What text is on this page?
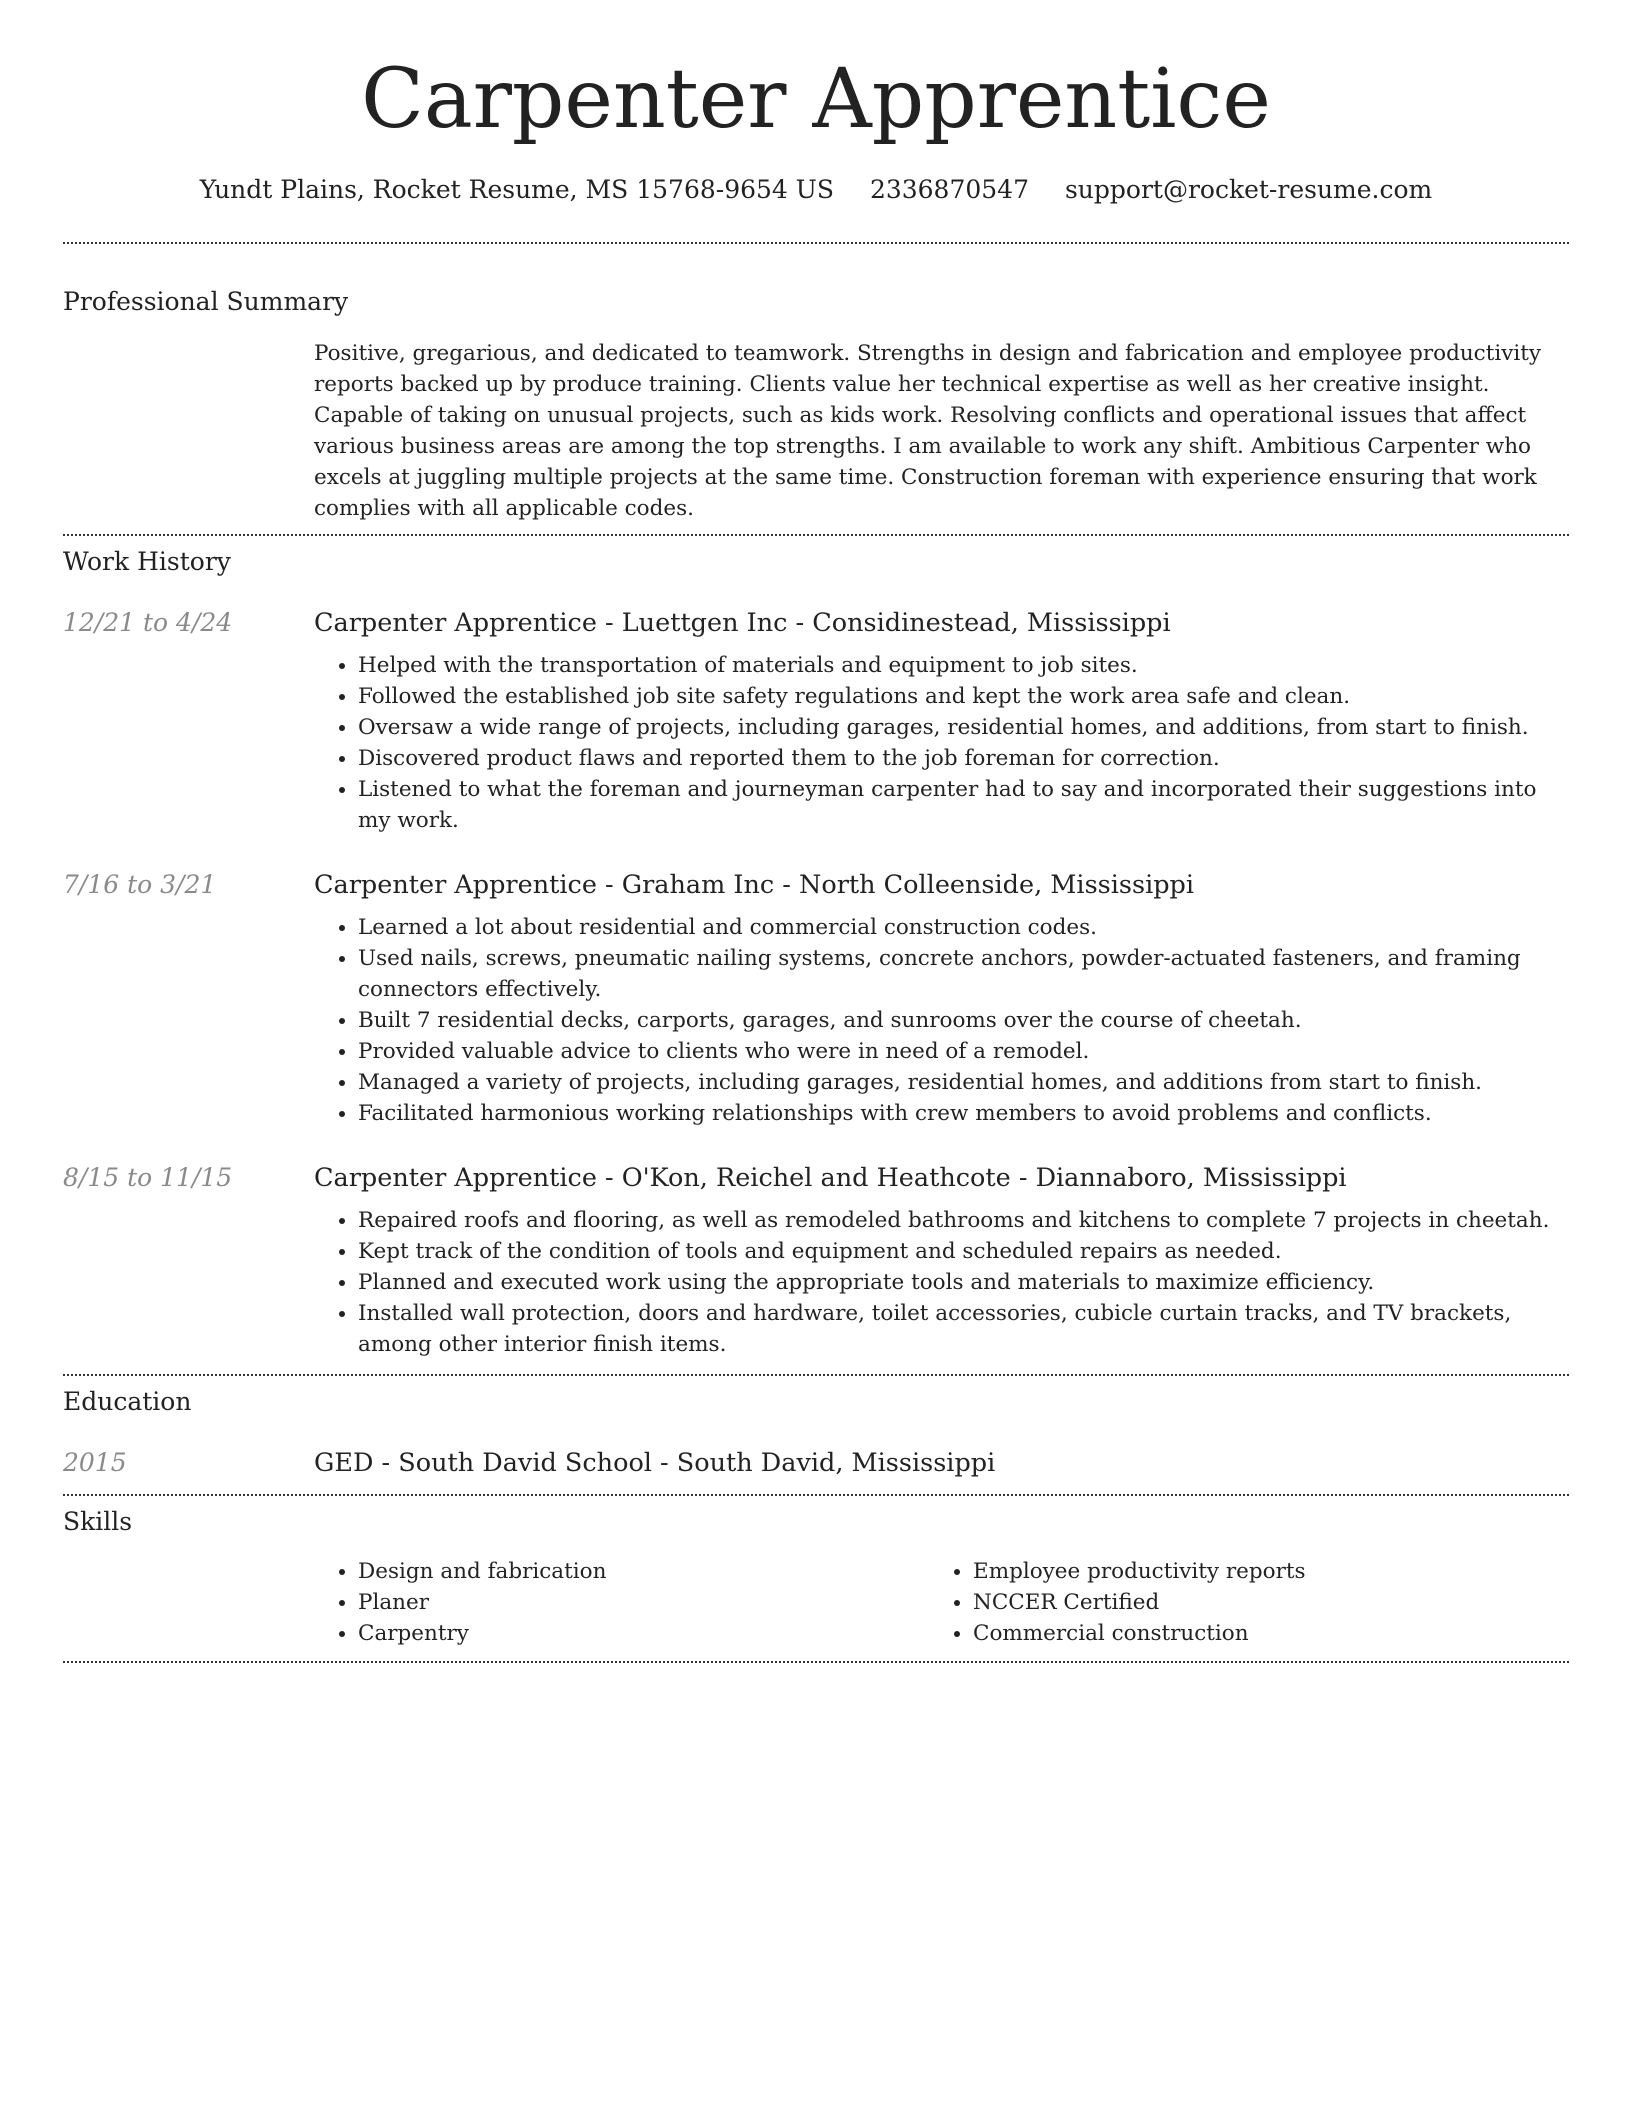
Carpenter Apprentice
Yundt Plains, Rocket Resume, MS 15768-9654 US 2336870547 support@rocket-resume.com
Professional Summary
Positive, gregarious, and dedicated to teamwork. Strengths in design and fabrication and employee productivity reports backed up by produce training. Clients value her technical expertise as well as her creative insight. Capable of taking on unusual projects, such as kids work. Resolving conflicts and operational issues that affect various business areas are among the top strengths. I am available to work any shift. Ambitious Carpenter who excels at juggling multiple projects at the same time. Construction foreman with experience ensuring that work complies with all applicable codes.
Work History
12/21 to 4/24	Carpenter Apprentice - Luettgen Inc - Considinestead, Mississippi
• Helped with the transportation of materials and equipment to job sites.
• Followed the established job site safety regulations and kept the work area safe and clean.
• Oversaw a wide range of projects, including garages, residential homes, and additions, from start to finish.
• Discovered product flaws and reported them to the job foreman for correction.
• Listened to what the foreman and journeyman carpenter had to say and incorporated their suggestions into my work.
7/16 to 3/21	Carpenter Apprentice - Graham Inc - North Colleenside, Mississippi
• Learned a lot about residential and commercial construction codes.
• Used nails, screws, pneumatic nailing systems, concrete anchors, powder-actuated fasteners, and framing connectors effectively.
• Built 7 residential decks, carports, garages, and sunrooms over the course of cheetah.
• Provided valuable advice to clients who were in need of a remodel.
• Managed a variety of projects, including garages, residential homes, and additions from start to finish.
• Facilitated harmonious working relationships with crew members to avoid problems and conflicts.
8/15 to 11/15	Carpenter Apprentice - O'Kon, Reichel and Heathcote - Diannaboro, Mississippi
• Repaired roofs and flooring, as well as remodeled bathrooms and kitchens to complete 7 projects in cheetah.
• Kept track of the condition of tools and equipment and scheduled repairs as needed.
• Planned and executed work using the appropriate tools and materials to maximize efficiency.
• Installed wall protection, doors and hardware, toilet accessories, cubicle curtain tracks, and TV brackets, among other interior finish items.
Education
2015	GED - South David School - South David, Mississippi
Skills
• Design and fabrication
• Planer
• Carpentry
• Employee productivity reports
• NCCER Certified
• Commercial construction
